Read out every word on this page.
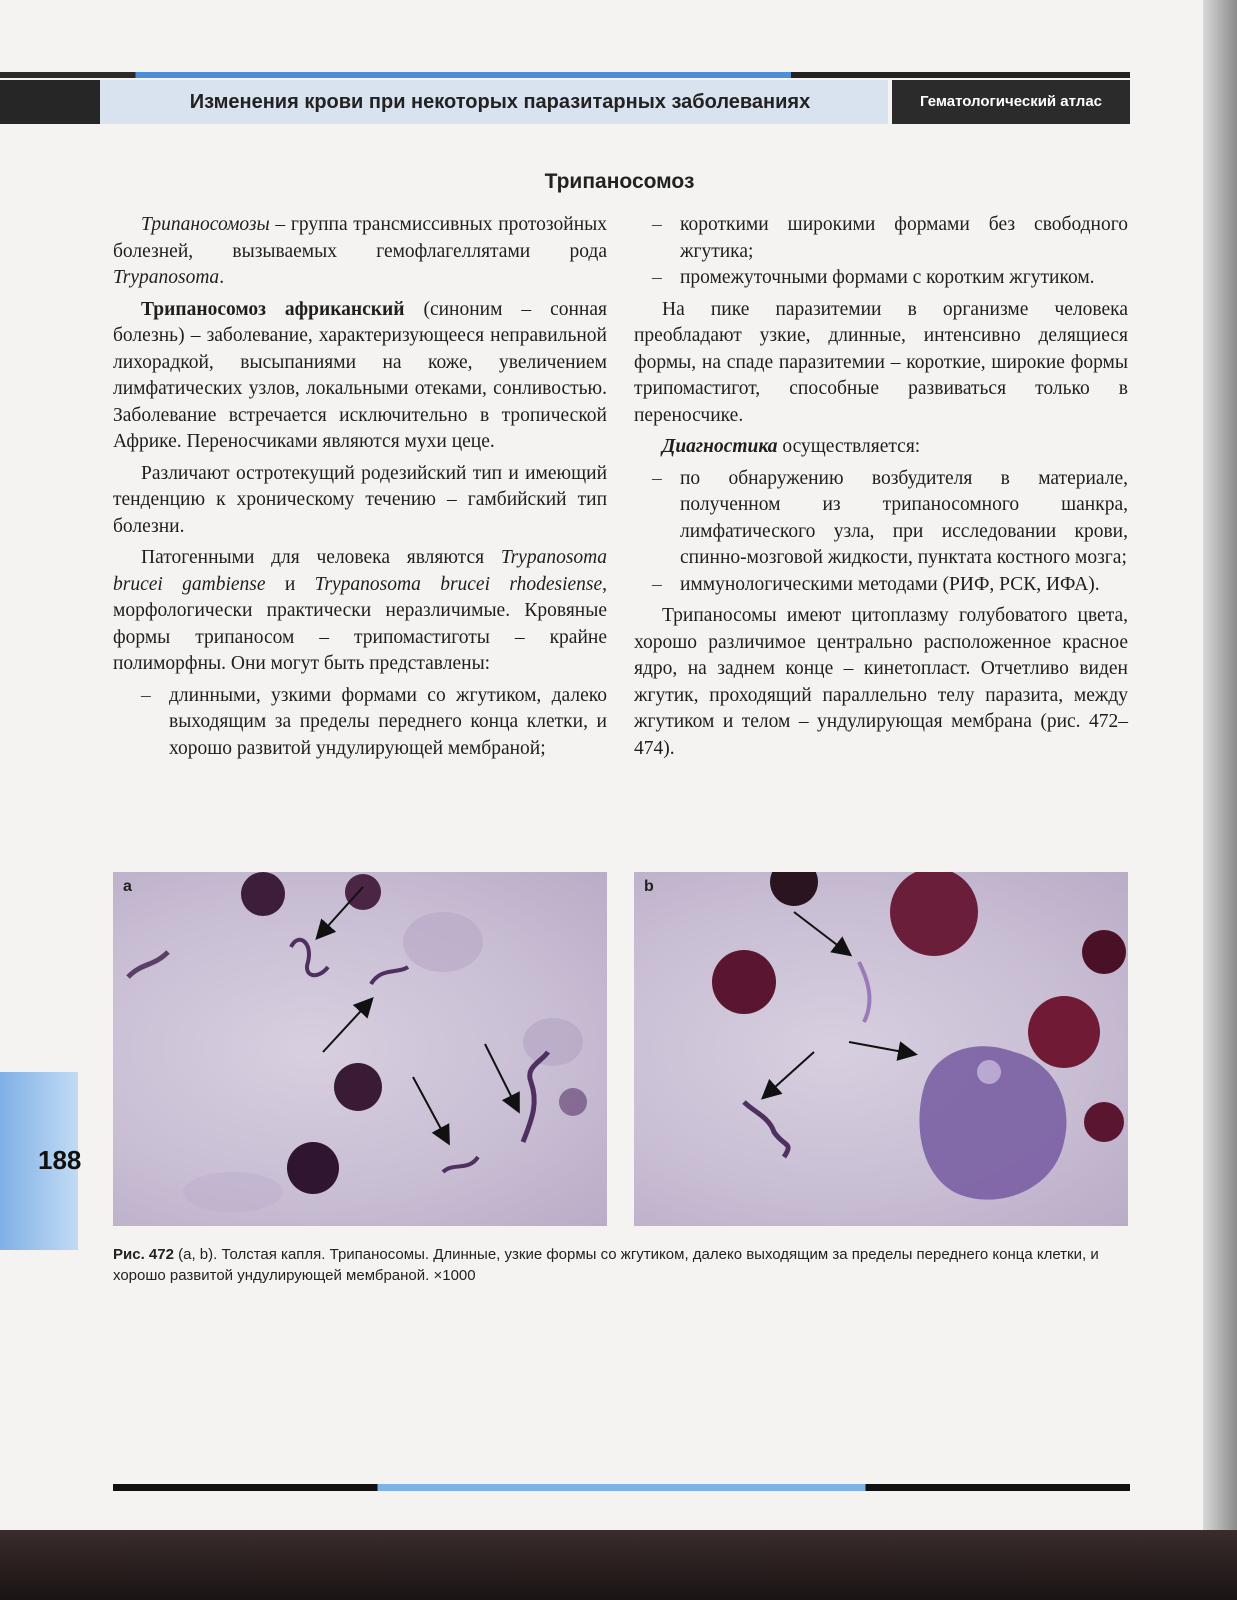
Изменения крови при некоторых паразитарных заболеваниях	Гематологический атлас
Трипаносомоз

Трипаносомозы – группа трансмиссивных протозойных болезней, вызываемых гемофлагеллятами рода Trypanosoma.

Трипаносомоз африканский (синоним – сонная болезнь) – заболевание, характеризующееся неправильной лихорадкой, высыпаниями на коже, увеличением лимфатических узлов, локальными отеками, сонливостью. Заболевание встречается исключительно в тропической Африке. Переносчиками являются мухи цеце.

Различают остротекущий родезийский тип и имеющий тенденцию к хроническому течению – гамбийский тип болезни.

Патогенными для человека являются Trypanosoma brucei gambiense и Trypanosoma brucei rhodesiense, морфологически практически неразличимые. Кровяные формы трипаносом – трипомастиготы – крайне полиморфны. Они могут быть представлены:

– длинными, узкими формами со жгутиком, далеко выходящим за пределы переднего конца клетки, и хорошо развитой ундулирующей мембраной;
– короткими широкими формами без свободного жгутика;
– промежуточными формами с коротким жгутиком.

На пике паразитемии в организме человека преобладают узкие, длинные, интенсивно делящиеся формы, на спаде паразитемии – короткие, широкие формы трипомастигот, способные развиваться только в переносчике.

Диагностика осуществляется:

– по обнаружению возбудителя в материале, полученном из трипаносомного шанкра, лимфатического узла, при исследовании крови, спинно-мозговой жидкости, пунктата костного мозга;
– иммунологическими методами (РИФ, РСК, ИФА).

Трипаносомы имеют цитоплазму голубоватого цвета, хорошо различимое центрально расположенное красное ядро, на заднем конце – кинетопласт. Отчетливо виден жгутик, проходящий параллельно телу паразита, между жгутиком и телом – ундулирующая мембрана (рис. 472–474).

a	b
Рис. 472 (a, b). Толстая капля. Трипаносомы. Длинные, узкие формы со жгутиком, далеко выходящим за пределы переднего конца клетки, и хорошо развитой ундулирующей мембраной. ×1000
188
